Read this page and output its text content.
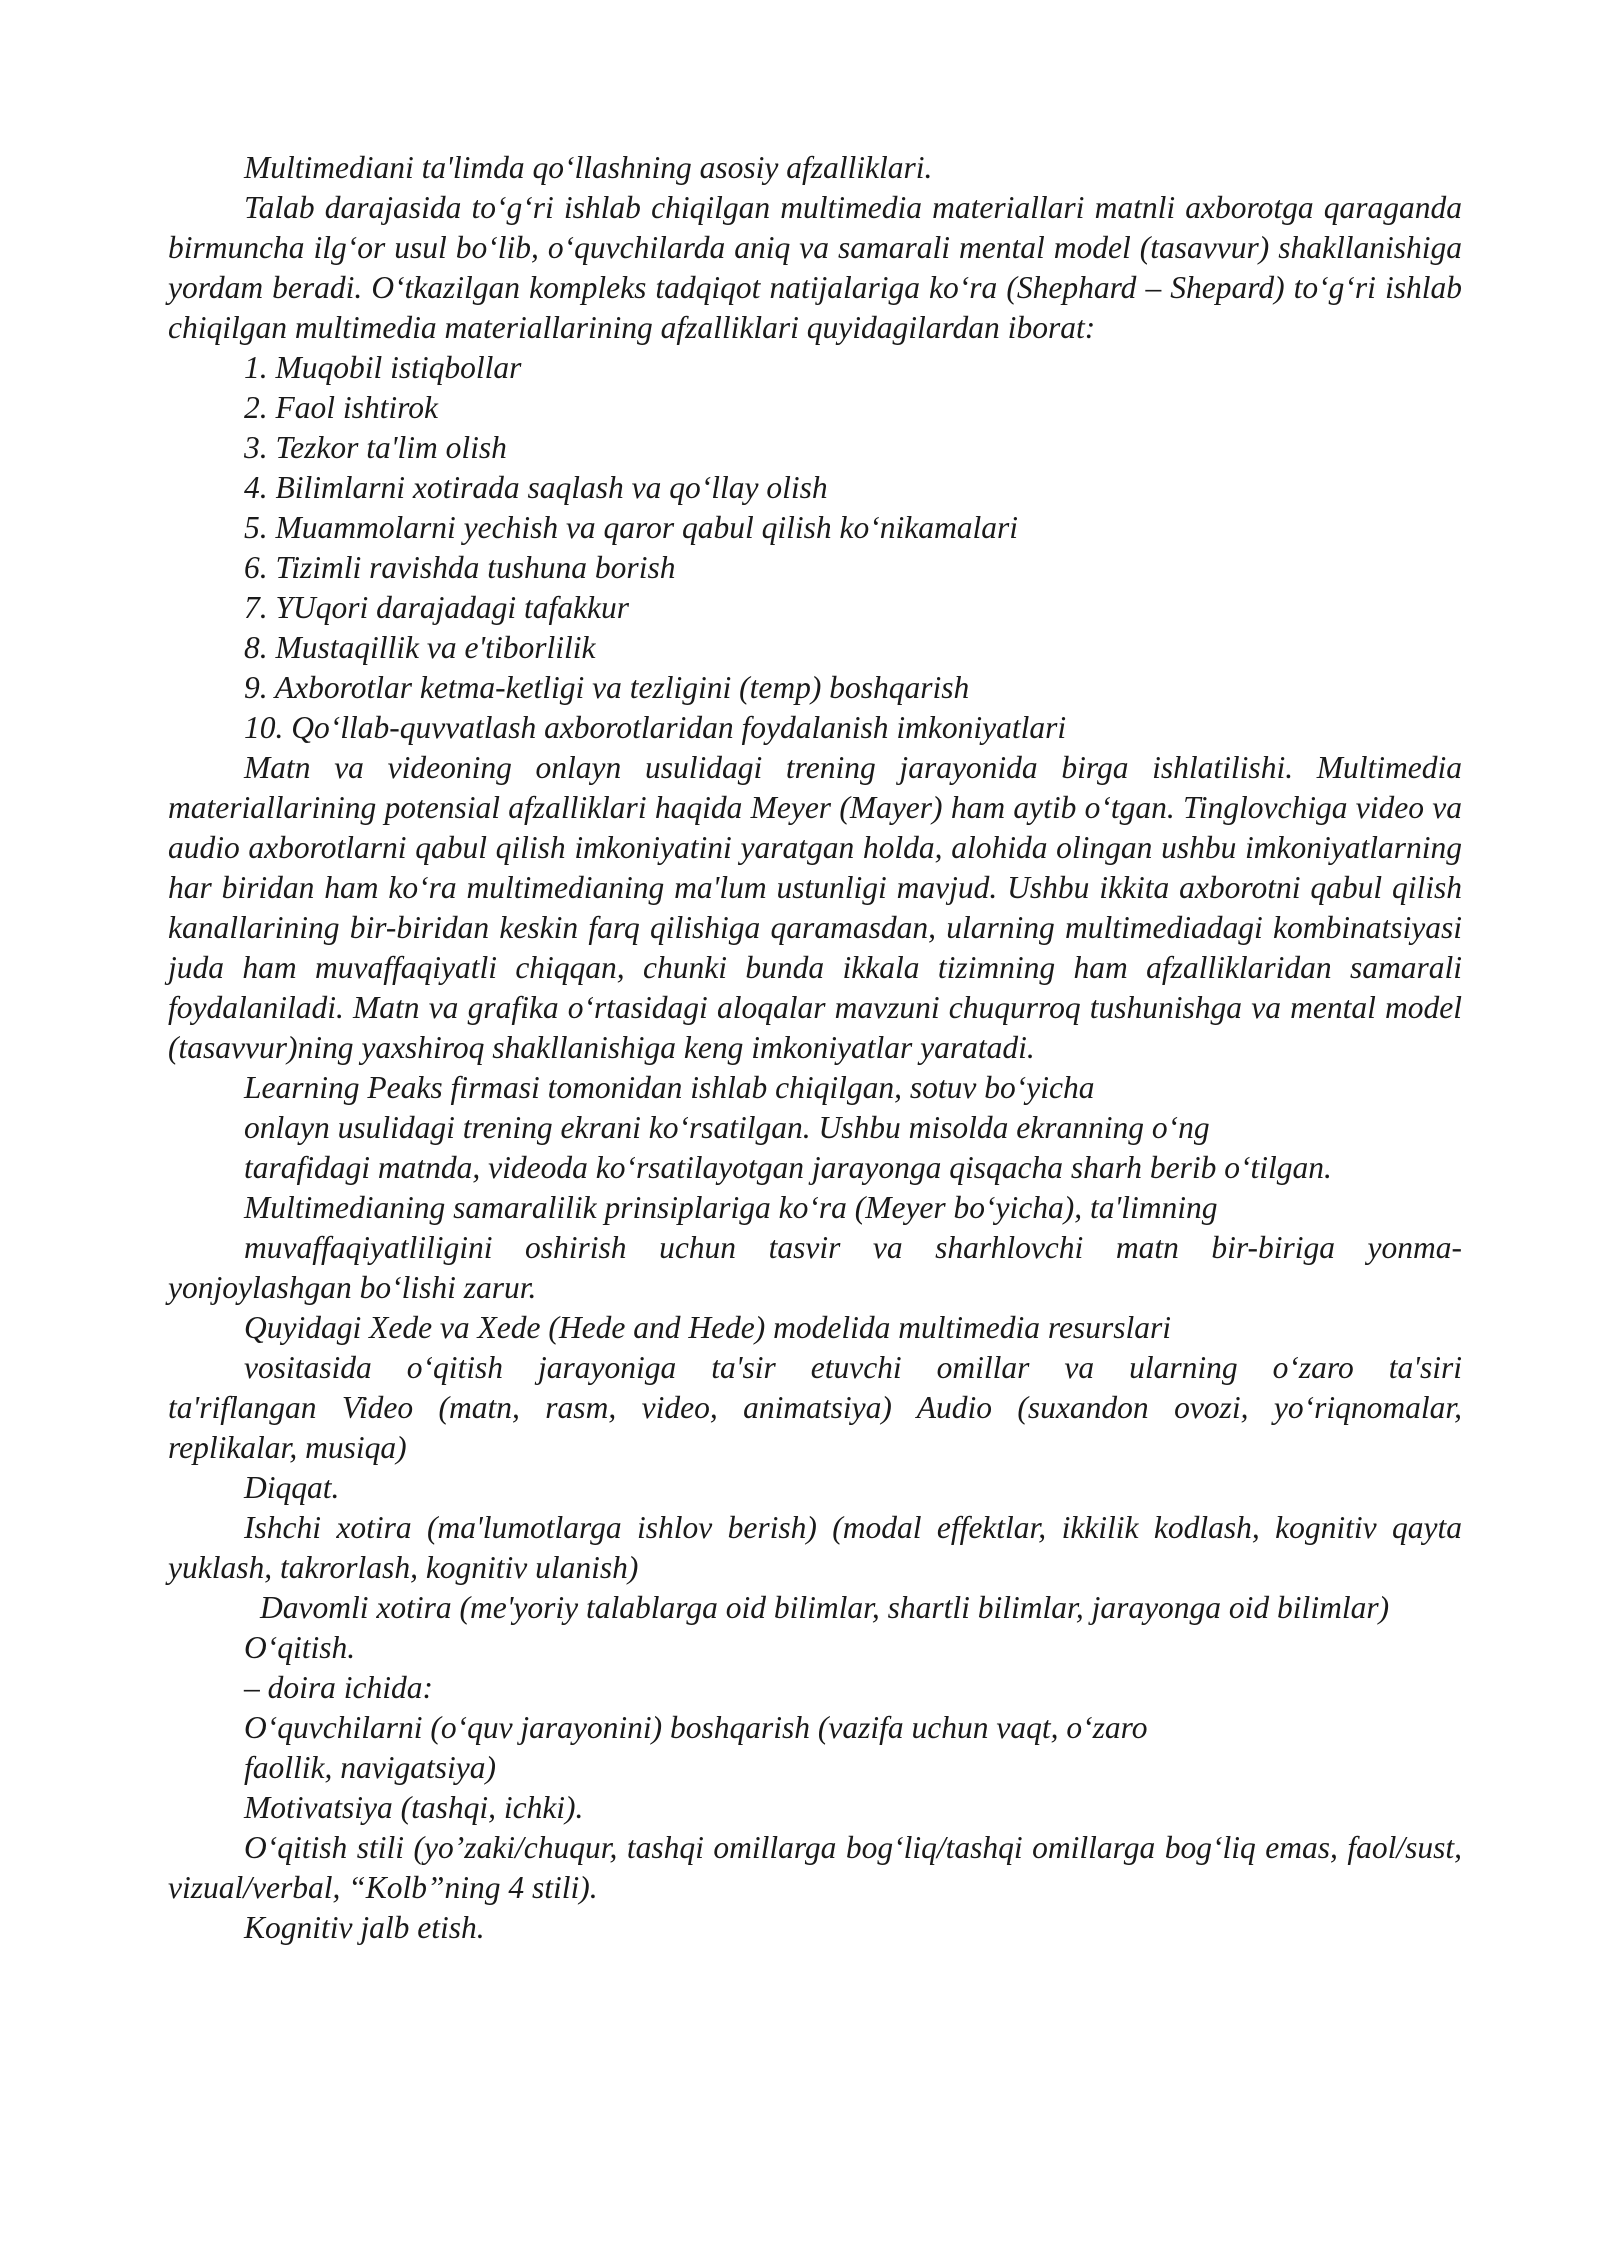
Multimediani ta'limda qo‘llashning asosiy afzalliklari.

Talab darajasida to‘g‘ri ishlab chiqilgan multimedia materiallari matnli axborotga qaraganda birmuncha ilg‘or usul bo‘lib, o‘quvchilarda aniq va samarali mental model (tasavvur) shakllanishiga yordam beradi. O‘tkazilgan kompleks tadqiqot natijalariga ko‘ra (Shephard – Shepard) to‘g‘ri ishlab chiqilgan multimedia materiallarining afzalliklari quyidagilardan iborat:

1. Muqobil istiqbollar

2. Faol ishtirok

3. Tezkor ta'lim olish

4. Bilimlarni xotirada saqlash va qo‘llay olish

5. Muammolarni yechish va qaror qabul qilish ko‘nikamalari

6. Tizimli ravishda tushuna borish

7. YUqori darajadagi tafakkur

8. Mustaqillik va e'tiborlilik

9. Axborotlar ketma-ketligi va tezligini (temp) boshqarish

10. Qo‘llab-quvvatlash axborotlaridan foydalanish imkoniyatlari

Matn va videoning onlayn usulidagi trening jarayonida birga ishlatilishi. Multimedia materiallarining potensial afzalliklari haqida Meyer (Mayer) ham aytib o‘tgan. Tinglovchiga video va audio axborotlarni qabul qilish imkoniyatini yaratgan holda, alohida olingan ushbu imkoniyatlarning har biridan ham ko‘ra multimedianing ma'lum ustunligi mavjud. Ushbu ikkita axborotni qabul qilish kanallarining bir-biridan keskin farq qilishiga qaramasdan, ularning multimediadagi kombinatsiyasi juda ham muvaffaqiyatli chiqqan, chunki bunda ikkala tizimning ham afzalliklaridan samarali foydalaniladi. Matn va grafika o‘rtasidagi aloqalar mavzuni chuqurroq tushunishga va mental model (tasavvur)ning yaxshiroq shakllanishiga keng imkoniyatlar yaratadi.

Learning Peaks firmasi tomonidan ishlab chiqilgan, sotuv bo‘yicha

onlayn usulidagi trening ekrani ko‘rsatilgan. Ushbu misolda ekranning o‘ng

tarafidagi matnda, videoda ko‘rsatilayotgan jarayonga qisqacha sharh berib o‘tilgan.

Multimedianing samaralilik prinsiplariga ko‘ra (Meyer bo‘yicha), ta'limning

muvaffaqiyatliligini oshirish uchun tasvir va sharhlovchi matn bir-biriga yonma-

yonjoylashgan bo‘lishi zarur.

Quyidagi Xede va Xede (Hede and Hede) modelida multimedia resurslari

vositasida o‘qitish jarayoniga ta'sir etuvchi omillar va ularning o‘zaro ta'siri

ta'riflangan Video (matn, rasm, video, animatsiya) Audio (suxandon ovozi, yo‘riqnomalar,

replikalar, musiqa)

Diqqat.

Ishchi xotira (ma'lumotlarga ishlov berish) (modal effektlar, ikkilik kodlash, kognitiv qayta yuklash, takrorlash, kognitiv ulanish)

Davomli xotira (me'yoriy talablarga oid bilimlar, shartli bilimlar, jarayonga oid bilimlar)

O‘qitish.

– doira ichida:

O‘quvchilarni (o‘quv jarayonini) boshqarish (vazifa uchun vaqt, o‘zaro

faollik, navigatsiya)

Motivatsiya (tashqi, ichki).

O‘qitish stili (yo’zaki/chuqur, tashqi omillarga bog‘liq/tashqi omillarga bog‘liq emas, faol/sust, vizual/verbal, “Kolb”ning 4 stili).

Kognitiv jalb etish.
